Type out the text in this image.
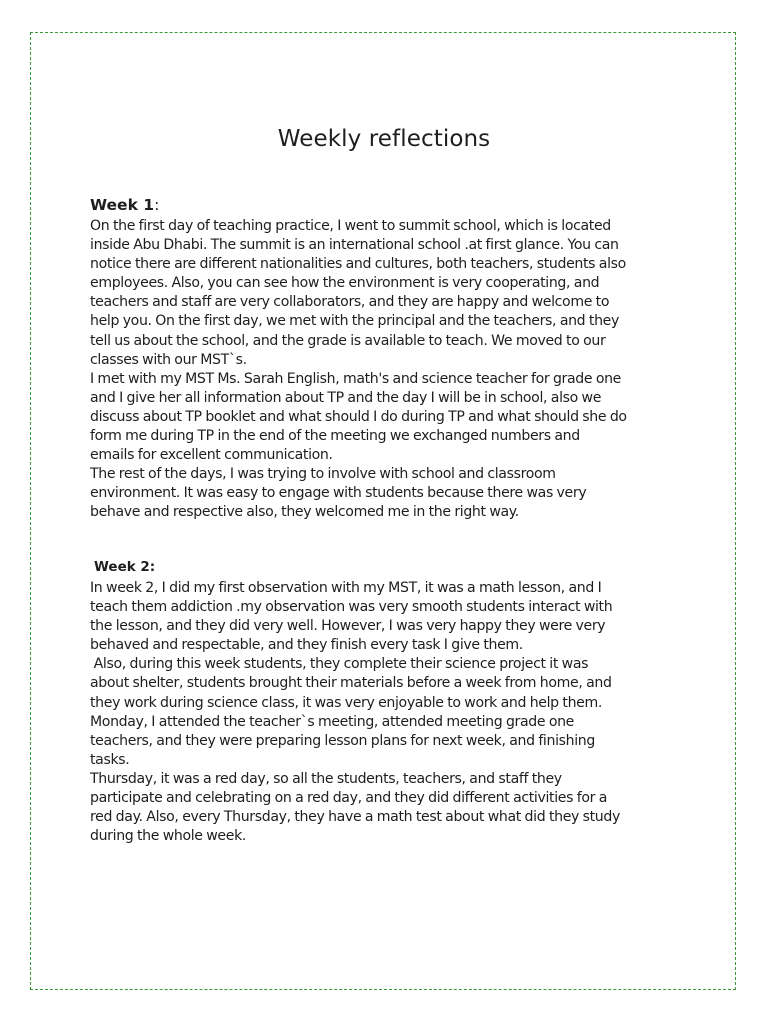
Weekly reflections
Week 1:
On the first day of teaching practice, I went to summit school, which is located
inside Abu Dhabi. The summit is an international school .at first glance. You can
notice there are different nationalities and cultures, both teachers, students also
employees. Also, you can see how the environment is very cooperating, and
teachers and staff are very collaborators, and they are happy and welcome to
help you. On the first day, we met with the principal and the teachers, and they
tell us about the school, and the grade is available to teach. We moved to our
classes with our MST`s.
I met with my MST Ms. Sarah English, math's and science teacher for grade one
and I give her all information about TP and the day I will be in school, also we
discuss about TP booklet and what should I do during TP and what should she do
form me during TP in the end of the meeting we exchanged numbers and
emails for excellent communication.
The rest of the days, I was trying to involve with school and classroom
environment. It was easy to engage with students because there was very
behave and respective also, they welcomed me in the right way.
Week 2:
In week 2, I did my first observation with my MST, it was a math lesson, and I
teach them addiction .my observation was very smooth students interact with
the lesson, and they did very well. However, I was very happy they were very
behaved and respectable, and they finish every task I give them.
Also, during this week students, they complete their science project it was
about shelter, students brought their materials before a week from home, and
they work during science class, it was very enjoyable to work and help them.
Monday, I attended the teacher`s meeting, attended meeting grade one
teachers, and they were preparing lesson plans for next week, and finishing
tasks.
Thursday, it was a red day, so all the students, teachers, and staff they
participate and celebrating on a red day, and they did different activities for a
red day. Also, every Thursday, they have a math test about what did they study
during the whole week.
